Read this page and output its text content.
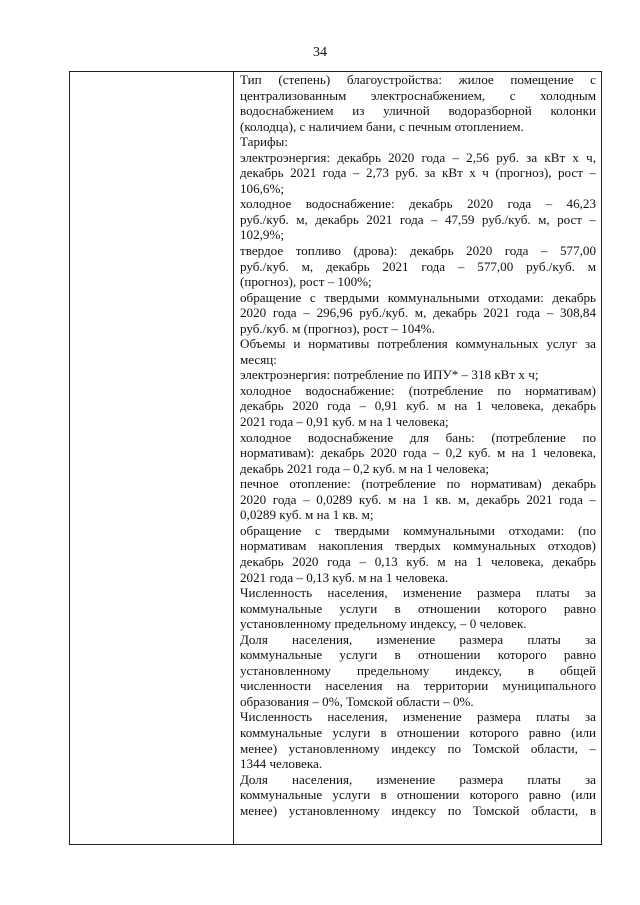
34
Тип (степень) благоустройства: жилое помещение с
централизованным электроснабжением, с холодным
водоснабжением из уличной водоразборной колонки
(колодца), с наличием бани, с печным отоплением.
Тарифы:
электроэнергия: декабрь 2020 года – 2,56 руб. за кВт х ч,
декабрь 2021 года – 2,73 руб. за кВт х ч (прогноз), рост –
106,6%;
холодное водоснабжение: декабрь 2020 года – 46,23
руб./куб. м, декабрь 2021 года – 47,59 руб./куб. м, рост –
102,9%;
твердое топливо (дрова): декабрь 2020 года – 577,00
руб./куб. м, декабрь 2021 года – 577,00 руб./куб. м
(прогноз), рост – 100%;
обращение с твердыми коммунальными отходами: декабрь
2020 года – 296,96 руб./куб. м, декабрь 2021 года – 308,84
руб./куб. м (прогноз), рост – 104%.
Объемы и нормативы потребления коммунальных услуг за
месяц:
электроэнергия: потребление по ИПУ* – 318 кВт х ч;
холодное водоснабжение: (потребление по нормативам)
декабрь 2020 года – 0,91 куб. м на 1 человека, декабрь
2021 года – 0,91 куб. м на 1 человека;
холодное водоснабжение для бань: (потребление по
нормативам): декабрь 2020 года – 0,2 куб. м на 1 человека,
декабрь 2021 года – 0,2 куб. м на 1 человека;
печное отопление: (потребление по нормативам) декабрь
2020 года – 0,0289 куб. м на 1 кв. м, декабрь 2021 года –
0,0289 куб. м на 1 кв. м;
обращение с твердыми коммунальными отходами: (по
нормативам накопления твердых коммунальных отходов)
декабрь 2020 года – 0,13 куб. м на 1 человека, декабрь
2021 года – 0,13 куб. м на 1 человека.
Численность населения, изменение размера платы за
коммунальные услуги в отношении которого равно
установленному предельному индексу, – 0 человек.
Доля населения, изменение размера платы за
коммунальные услуги в отношении которого равно
установленному предельному индексу, в общей
численности населения на территории муниципального
образования – 0%, Томской области – 0%.
Численность населения, изменение размера платы за
коммунальные услуги в отношении которого равно (или
менее) установленному индексу по Томской области, –
1344 человека.
Доля населения, изменение размера платы за
коммунальные услуги в отношении которого равно (или
менее) установленному индексу по Томской области, в
